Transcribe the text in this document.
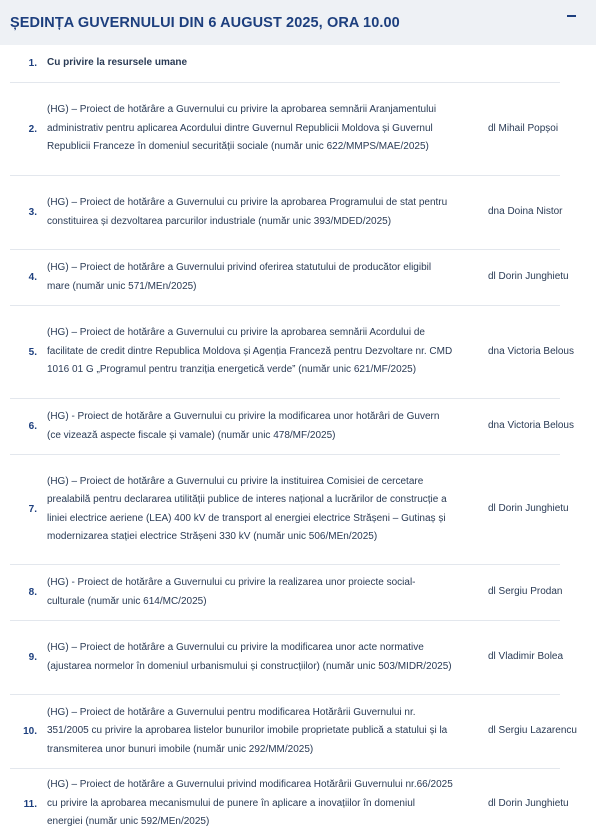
ȘEDINȚA GUVERNULUI DIN 6 AUGUST 2025, ORA 10.00
1. Cu privire la resursele umane
2.
(HG) – Proiect de hotărâre a Guvernului cu privire la aprobarea semnării Aranjamentului administrativ pentru aplicarea Acordului dintre Guvernul Republicii Moldova și Guvernul Republicii Franceze în domeniul securității sociale (număr unic 622/MMPS/MAE/2025)
dl Mihail Popșoi
3.
(HG) – Proiect de hotărâre a Guvernului cu privire la aprobarea Programului de stat pentru constituirea și dezvoltarea parcurilor industriale (număr unic 393/MDED/2025)
dna Doina Nistor
4.
(HG) – Proiect de hotărâre a Guvernului privind oferirea statutului de producător eligibil mare (număr unic 571/MEn/2025)
dl Dorin Junghietu
5.
(HG) – Proiect de hotărâre a Guvernului cu privire la aprobarea semnării Acordului de facilitate de credit dintre Republica Moldova și Agenția Franceză pentru Dezvoltare nr. CMD 1016 01 G „Programul pentru tranziția energetică verde” (număr unic 621/MF/2025)
dna Victoria Belous
6.
(HG) - Proiect de hotărâre a Guvernului cu privire la modificarea unor hotărâri de Guvern (ce vizează aspecte fiscale și vamale) (număr unic 478/MF/2025)
dna Victoria Belous
7.
(HG) – Proiect de hotărâre a Guvernului cu privire la instituirea Comisiei de cercetare prealabilă pentru declararea utilității publice de interes național a lucrărilor de construcție a liniei electrice aeriene (LEA) 400 kV de transport al energiei electrice Strășeni – Gutinaș și modernizarea stației electrice Strășeni 330 kV (număr unic 506/MEn/2025)
dl Dorin Junghietu
8.
(HG) - Proiect de hotărâre a Guvernului cu privire la realizarea unor proiecte social-culturale (număr unic 614/MC/2025)
dl Sergiu Prodan
9.
(HG) – Proiect de hotărâre a Guvernului cu privire la modificarea unor acte normative (ajustarea normelor în domeniul urbanismului și construcțiilor) (număr unic 503/MIDR/2025)
dl Vladimir Bolea
10.
(HG) – Proiect de hotărâre a Guvernului pentru modificarea Hotărârii Guvernului nr. 351/2005 cu privire la aprobarea listelor bunurilor imobile proprietate publică a statului și la transmiterea unor bunuri imobile (număr unic 292/MM/2025)
dl Sergiu Lazarencu
11.
(HG) – Proiect de hotărâre a Guvernului privind modificarea Hotărârii Guvernului nr.66/2025 cu privire la aprobarea mecanismului de punere în aplicare a inovațiilor în domeniul energiei (număr unic 592/MEn/2025)
dl Dorin Junghietu
